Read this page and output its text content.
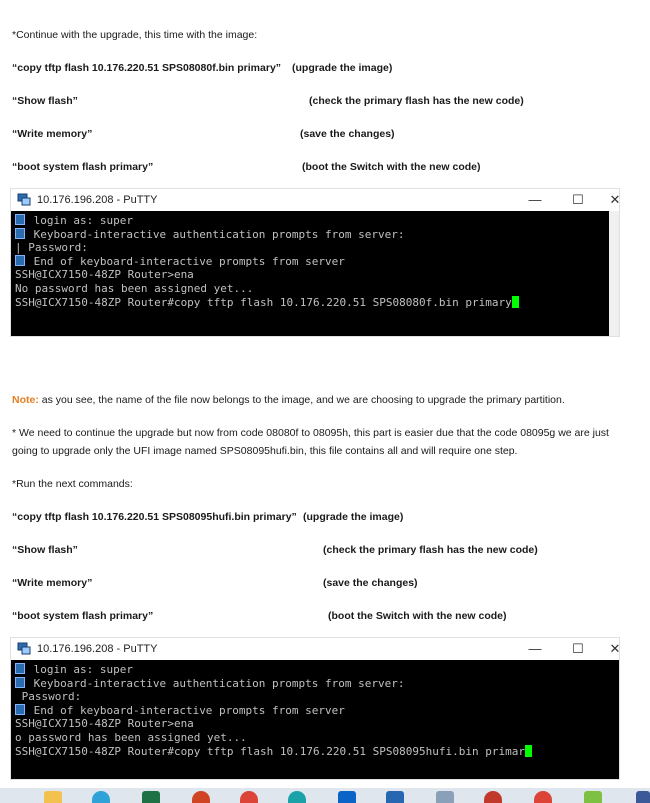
*Continue with the upgrade, this time with the image:
“copy tftp flash 10.176.220.51 SPS08080f.bin primary” (upgrade the image)
“Show flash”	(check the primary flash has the new code)
“Write memory”	(save the changes)
“boot system flash primary”	(boot the Switch with the new code)
10.176.196.208 - PuTTY	—	☐	✕
login as: super
Keyboard-interactive authentication prompts from server:
| Password:
End of keyboard-interactive prompts from server
SSH@ICX7150-48ZP Router>ena
No password has been assigned yet...
SSH@ICX7150-48ZP Router#copy tftp flash 10.176.220.51 SPS08080f.bin primary
Note: as you see, the name of the file now belongs to the image, and we are choosing to upgrade the primary partition.
* We need to continue the upgrade but now from code 08080f to 08095h, this part is easier due that the code 08095g we are just
going to upgrade only the UFI image named SPS08095hufi.bin, this file contains all and will require one step.
*Run the next commands:
“copy tftp flash 10.176.220.51 SPS08095hufi.bin primary” (upgrade the image)
“Show flash”	(check the primary flash has the new code)
“Write memory”	(save the changes)
“boot system flash primary”	(boot the Switch with the new code)
10.176.196.208 - PuTTY	—	☐	✕
login as: super
Keyboard-interactive authentication prompts from server:
Password:
End of keyboard-interactive prompts from server
SSH@ICX7150-48ZP Router>ena
o password has been assigned yet...
SSH@ICX7150-48ZP Router#copy tftp flash 10.176.220.51 SPS08095hufi.bin primar
